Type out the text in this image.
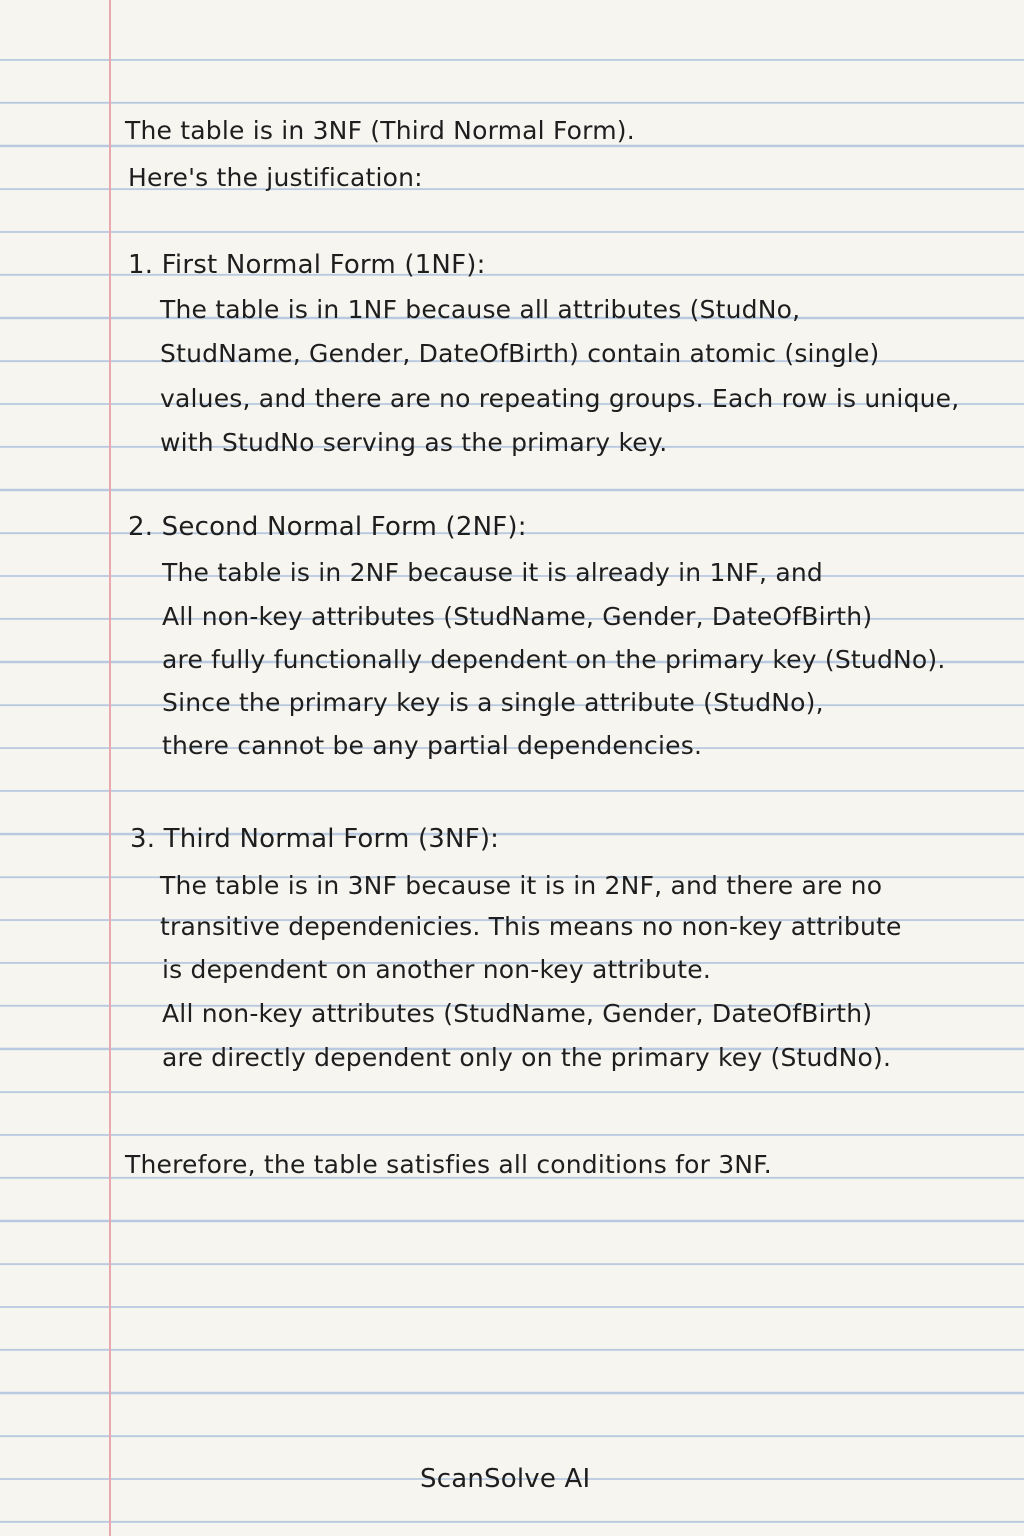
The table is in 3NF (Third Normal Form).
Here's the justification:
1. First Normal Form (1NF):
The table is in 1NF because all attributes (StudNo,
StudName, Gender, DateOfBirth) contain atomic (single)
values, and there are no repeating groups. Each row is unique,
with StudNo serving as the primary key.
2. Second Normal Form (2NF):
The table is in 2NF because it is already in 1NF, and
All non-key attributes (StudName, Gender, DateOfBirth)
are fully functionally dependent on the primary key (StudNo).
Since the primary key is a single attribute (StudNo),
there cannot be any partial dependencies.
3. Third Normal Form (3NF):
The table is in 3NF because it is in 2NF, and there are no
transitive dependenicies. This means no non-key attribute
is dependent on another non-key attribute.
All non-key attributes (StudName, Gender, DateOfBirth)
are directly dependent only on the primary key (StudNo).
Therefore, the table satisfies all conditions for 3NF.
ScanSolve AI
